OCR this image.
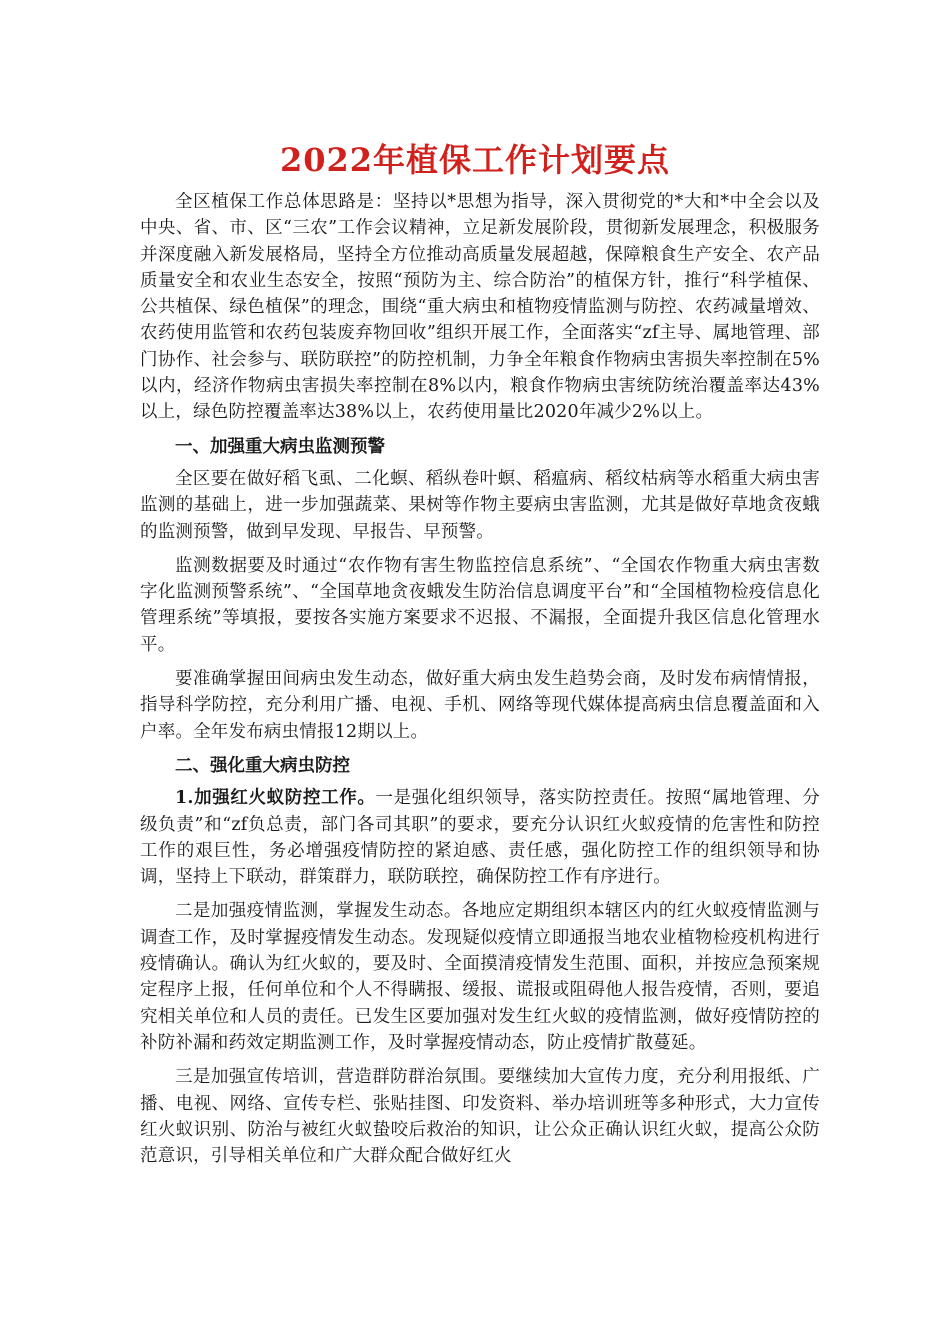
2022年植保工作计划要点

全区植保工作总体思路是：坚持以*思想为指导，深入贯彻党的*大和*中全会以及中央、省、市、区“三农”工作会议精神，立足新发展阶段，贯彻新发展理念，积极服务并深度融入新发展格局，坚持全方位推动高质量发展超越，保障粮食生产安全、农产品质量安全和农业生态安全，按照“预防为主、综合防治”的植保方针，推行“科学植保、公共植保、绿色植保”的理念，围绕“重大病虫和植物疫情监测与防控、农药减量增效、农药使用监管和农药包装废弃物回收”组织开展工作，全面落实“zf主导、属地管理、部门协作、社会参与、联防联控”的防控机制，力争全年粮食作物病虫害损失率控制在5%以内，经济作物病虫害损失率控制在8%以内，粮食作物病虫害统防统治覆盖率达43%以上，绿色防控覆盖率达38%以上，农药使用量比2020年减少2%以上。

一、加强重大病虫监测预警

全区要在做好稻飞虱、二化螟、稻纵卷叶螟、稻瘟病、稻纹枯病等水稻重大病虫害监测的基础上，进一步加强蔬菜、果树等作物主要病虫害监测，尤其是做好草地贪夜蛾的监测预警，做到早发现、早报告、早预警。

监测数据要及时通过“农作物有害生物监控信息系统”、“全国农作物重大病虫害数字化监测预警系统”、“全国草地贪夜蛾发生防治信息调度平台”和“全国植物检疫信息化管理系统”等填报，要按各实施方案要求不迟报、不漏报，全面提升我区信息化管理水平。

要准确掌握田间病虫发生动态，做好重大病虫发生趋势会商，及时发布病情情报，指导科学防控，充分利用广播、电视、手机、网络等现代媒体提高病虫信息覆盖面和入户率。全年发布病虫情报12期以上。

二、强化重大病虫防控

1.加强红火蚁防控工作。一是强化组织领导，落实防控责任。按照“属地管理、分级负责”和“zf负总责，部门各司其职”的要求，要充分认识红火蚁疫情的危害性和防控工作的艰巨性，务必增强疫情防控的紧迫感、责任感，强化防控工作的组织领导和协调，坚持上下联动，群策群力，联防联控，确保防控工作有序进行。

二是加强疫情监测，掌握发生动态。各地应定期组织本辖区内的红火蚁疫情监测与调查工作，及时掌握疫情发生动态。发现疑似疫情立即通报当地农业植物检疫机构进行疫情确认。确认为红火蚁的，要及时、全面摸清疫情发生范围、面积，并按应急预案规定程序上报，任何单位和个人不得瞒报、缓报、谎报或阻碍他人报告疫情，否则，要追究相关单位和人员的责任。已发生区要加强对发生红火蚁的疫情监测，做好疫情防控的补防补漏和药效定期监测工作，及时掌握疫情动态，防止疫情扩散蔓延。

三是加强宣传培训，营造群防群治氛围。要继续加大宣传力度，充分利用报纸、广播、电视、网络、宣传专栏、张贴挂图、印发资料、举办培训班等多种形式，大力宣传红火蚁识别、防治与被红火蚁蛰咬后救治的知识，让公众正确认识红火蚁，提高公众防范意识，引导相关单位和广大群众配合做好红火
